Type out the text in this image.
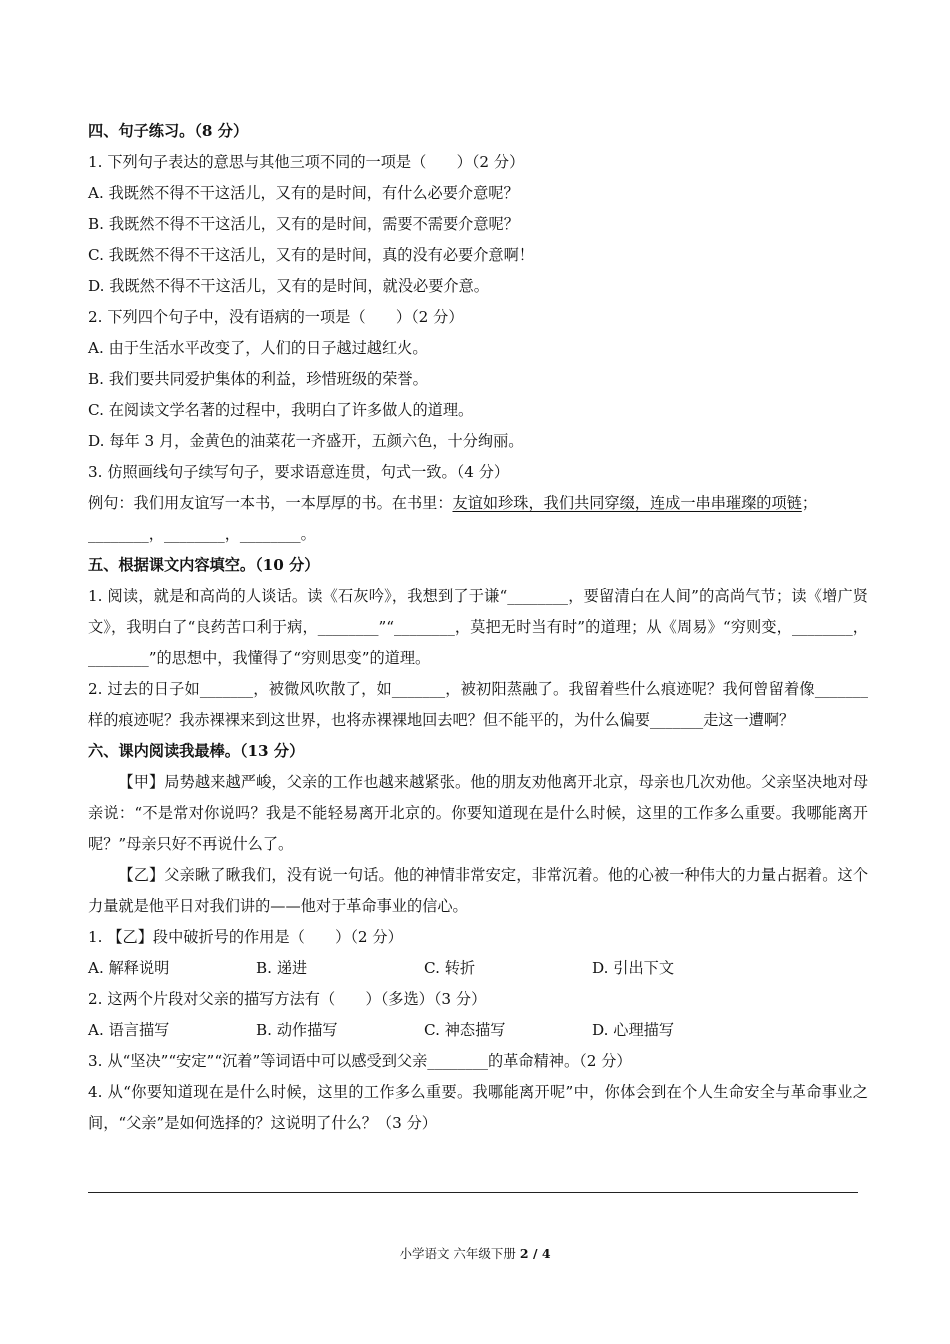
四、句子练习。（8 分）
1. 下列句子表达的意思与其他三项不同的一项是（　　）（2 分）
A. 我既然不得不干这活儿，又有的是时间，有什么必要介意呢？
B. 我既然不得不干这活儿，又有的是时间，需要不需要介意呢？
C. 我既然不得不干这活儿，又有的是时间，真的没有必要介意啊！
D. 我既然不得不干这活儿，又有的是时间，就没必要介意。
2. 下列四个句子中，没有语病的一项是（　　）（2 分）
A. 由于生活水平改变了，人们的日子越过越红火。
B. 我们要共同爱护集体的利益，珍惜班级的荣誉。
C. 在阅读文学名著的过程中，我明白了许多做人的道理。
D. 每年 3 月，金黄色的油菜花一齐盛开，五颜六色，十分绚丽。
3. 仿照画线句子续写句子，要求语意连贯，句式一致。（4 分）
例句：我们用友谊写一本书，一本厚厚的书。在书里：友谊如珍珠，我们共同穿缀，连成一串串璀璨的项链；
________，________，________。
五、根据课文内容填空。（10 分）
1. 阅读，就是和高尚的人谈话。读《石灰吟》，我想到了于谦“________，要留清白在人间”的高尚气节；读《增广贤文》，我明白了“良药苦口利于病，________”“________，莫把无时当有时”的道理；从《周易》“穷则变，________，________”的思想中，我懂得了“穷则思变”的道理。
2. 过去的日子如_______，被微风吹散了，如_______，被初阳蒸融了。我留着些什么痕迹呢？我何曾留着像_______样的痕迹呢？我赤裸裸来到这世界，也将赤裸裸地回去吧？但不能平的，为什么偏要_______走这一遭啊？
六、课内阅读我最棒。（13 分）
【甲】局势越来越严峻，父亲的工作也越来越紧张。他的朋友劝他离开北京，母亲也几次劝他。父亲坚决地对母亲说：“不是常对你说吗？我是不能轻易离开北京的。你要知道现在是什么时候，这里的工作多么重要。我哪能离开呢？”母亲只好不再说什么了。
【乙】父亲瞅了瞅我们，没有说一句话。他的神情非常安定，非常沉着。他的心被一种伟大的力量占据着。这个力量就是他平日对我们讲的——他对于革命事业的信心。
1. 【乙】段中破折号的作用是（　　）（2 分）
A. 解释说明	B. 递进	C. 转折	D. 引出下文
2. 这两个片段对父亲的描写方法有（　　）（多选）（3 分）
A. 语言描写	B. 动作描写	C. 神态描写	D. 心理描写
3. 从“坚决”“安定”“沉着”等词语中可以感受到父亲________的革命精神。（2 分）
4. 从“你要知道现在是什么时候，这里的工作多么重要。我哪能离开呢”中，你体会到在个人生命安全与革命事业之间，“父亲”是如何选择的？这说明了什么？（3 分）
小学语文 六年级下册 2 / 4
